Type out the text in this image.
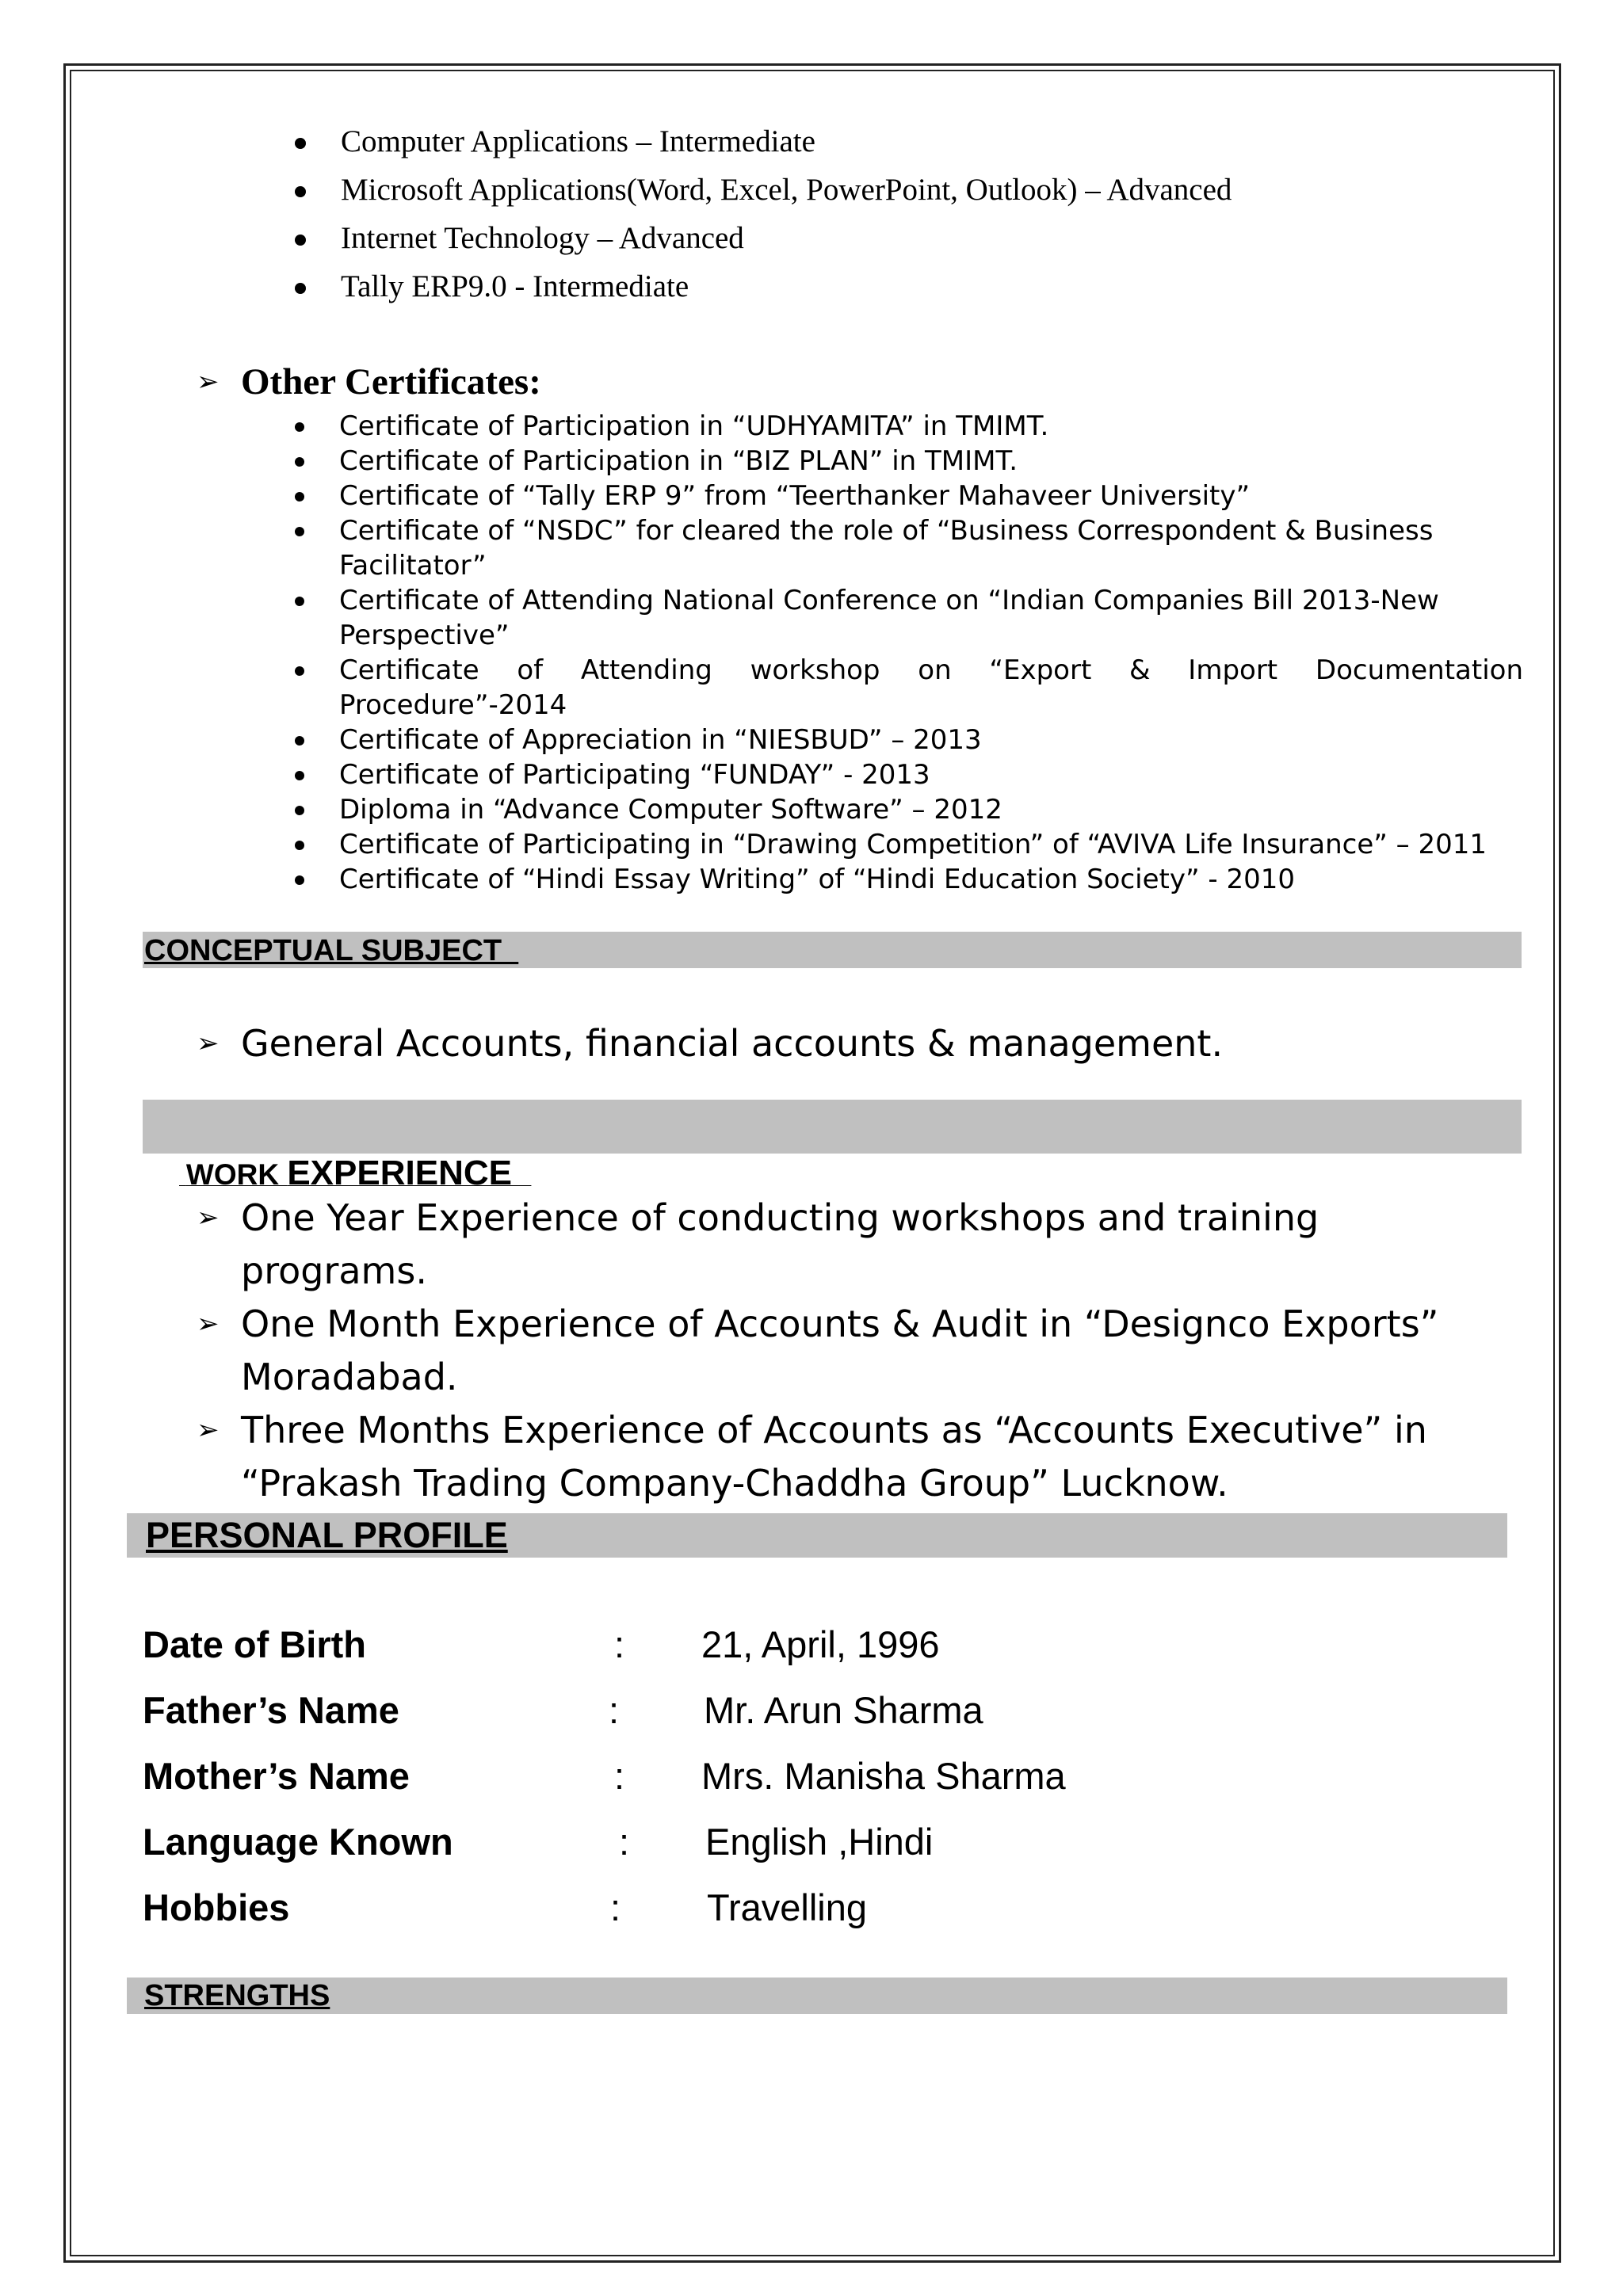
Computer Applications – Intermediate
Microsoft Applications(Word, Excel, PowerPoint, Outlook) – Advanced
Internet Technology – Advanced
Tally ERP9.0 - Intermediate
➢ Other Certificates:
Certificate of Participation in “UDHYAMITA” in TMIMT.
Certificate of Participation in “BIZ PLAN” in TMIMT.
Certificate of “Tally ERP 9” from “Teerthanker Mahaveer University”
Certificate of “NSDC” for cleared the role of “Business Correspondent & Business Facilitator”
Certificate of Attending National Conference on “Indian Companies Bill 2013-New Perspective”
Certificate of Attending workshop on “Export & Import Documentation Procedure”-2014
Certificate of Appreciation in “NIESBUD” – 2013
Certificate of Participating “FUNDAY” - 2013
Diploma in “Advance Computer Software” – 2012
Certificate of Participating in “Drawing Competition” of “AVIVA Life Insurance” – 2011
Certificate of “Hindi Essay Writing” of “Hindi Education Society” - 2010
CONCEPTUAL SUBJECT
➢ General Accounts, financial accounts & management.

WORK EXPERIENCE

➢ One Year Experience of conducting workshops and training programs.
➢ One Month Experience of Accounts & Audit in “Designco Exports” Moradabad.
➢ Three Months Experience of Accounts as “Accounts Executive” in “Prakash Trading Company-Chaddha Group” Lucknow.
PERSONAL PROFILE
Date of Birth	: 21, April, 1996
Father’s Name	: Mr. Arun Sharma
Mother’s Name	: Mrs. Manisha Sharma
Language Known	: English ,Hindi
Hobbies	: Travelling
STRENGTHS
